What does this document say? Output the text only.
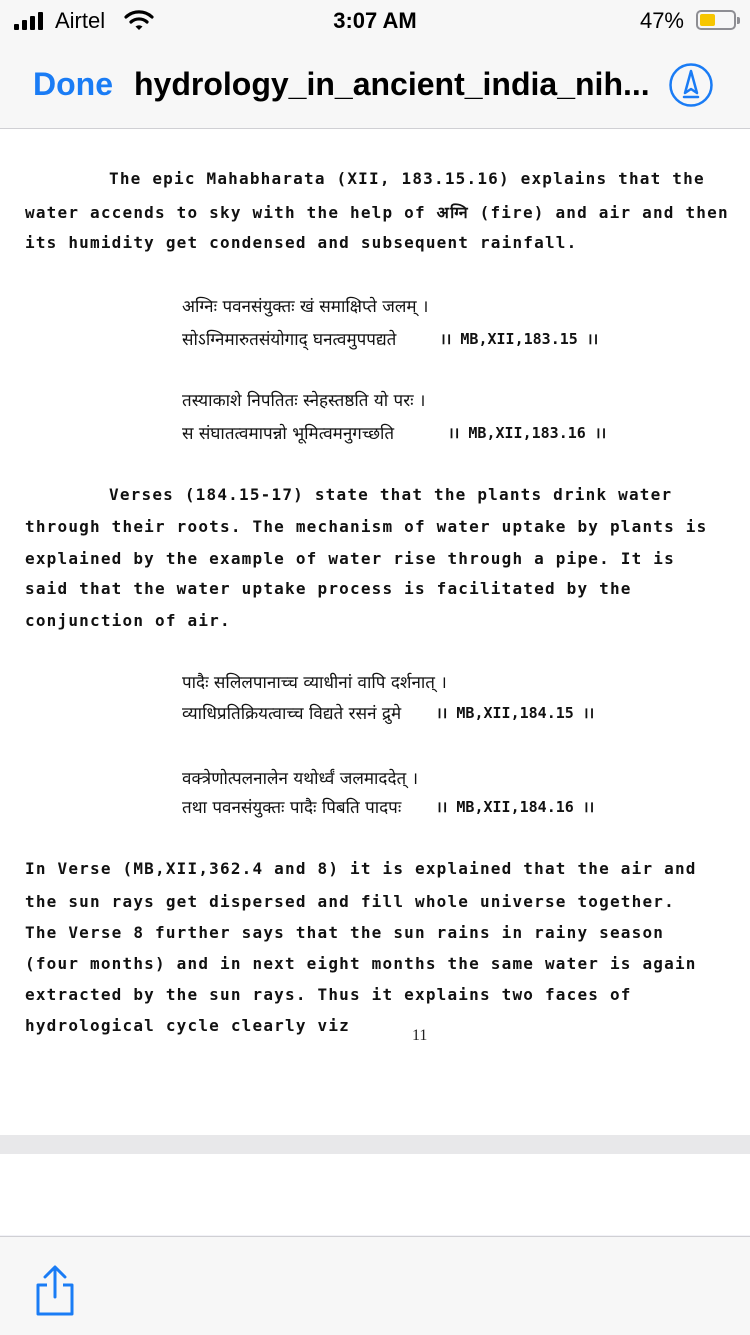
Airtel	3:07 AM	47%
Done hydrology_in_ancient_india_nih...
The epic Mahabharata (XII, 183.15.16) explains that the
water accends to sky with the help of अग्नि (fire) and air and then
its humidity get condensed and subsequent rainfall.
अग्निः पवनसंयुक्तः खं समाक्षिप्ते जलम् ।
सोऽग्निमारुतसंयोगाद् घनत्वमुपपद्यते	।। MB,XII,183.15 ।।
तस्याकाशे निपतितः स्नेहस्तष्ठति यो परः ।
स संघातत्वमापन्नो भूमित्वमनुगच्छति	।। MB,XII,183.16 ।।
Verses (184.15-17) state that the plants drink water
through their roots. The mechanism of water uptake by plants is
explained by the example of water rise through a pipe. It is
said that the water uptake process is facilitated by the
conjunction of air.
पादैः सलिलपानाच्च व्याधीनां वापि दर्शनात् ।
व्याधिप्रतिक्रियत्वाच्च विद्यते रसनं द्रुमे ।। MB,XII,184.15 ।।
वक्त्रेणोत्पलनालेन यथोर्ध्वं जलमाददेत् ।
तथा पवनसंयुक्तः पादैः पिबति पादपः ।। MB,XII,184.16 ।।
In Verse (MB,XII,362.4 and 8) it is explained that the air and
the sun rays get dispersed and fill whole universe together.
The Verse 8 further says that the sun rains in rainy season
(four months) and in next eight months the same water is again
extracted by the sun rays. Thus it explains two faces of
hydrological cycle clearly viz
11
